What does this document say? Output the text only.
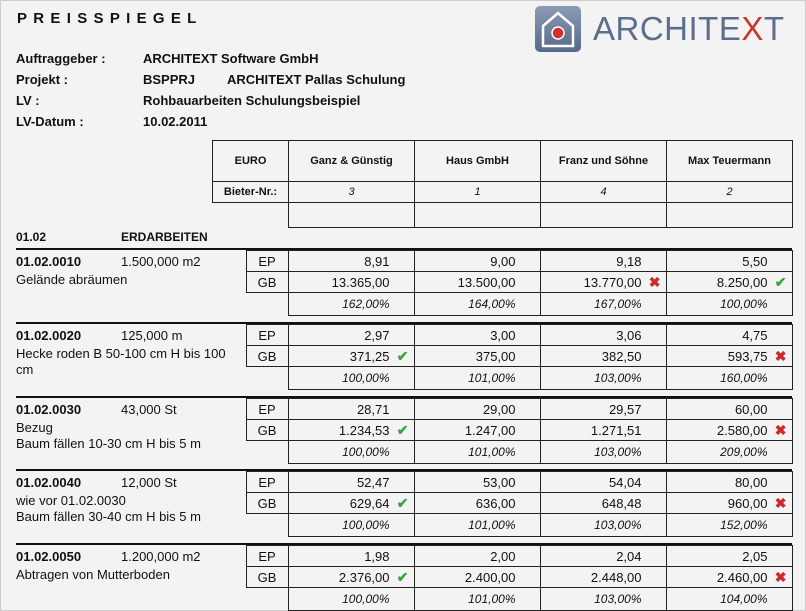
PREISSPIEGEL	ARCHITEXT
Auftraggeber :	ARCHITEXT Software GmbH
Projekt :	BSPPRJ ARCHITEXT Pallas Schulung
LV :	Rohbauarbeiten Schulungsbeispiel
LV-Datum :	10.02.2011
EURO	Ganz & Günstig	Haus GmbH	Franz und Söhne	Max Teuermann
Bieter-Nr.:	3	1	4	2

01.02	ERDARBEITEN
01.02.0010 1.500,000 m2	EP	8,91	9,00	9,18	5,50
Gelände abräumen	GB	13.365,00	13.500,00	13.770,00 ✖	8.250,00 ✔

		162,00%	164,00%	167,00%	100,00%
01.02.0020 125,000 m	EP	2,97	3,00	3,06	4,75
Hecke roden B 50-100 cm H bis 100 cm	GB	371,25 ✔	375,00	382,50	593,75 ✖

		100,00%	101,00%	103,00%	160,00%
01.02.0030 43,000 St	EP	28,71	29,00	29,57	60,00
Bezug
Baum fällen 10-30 cm H bis 5 m	GB	1.234,53 ✔	1.247,00	1.271,51	2.580,00 ✖

		100,00%	101,00%	103,00%	209,00%
01.02.0040 12,000 St	EP	52,47	53,00	54,04	80,00
wie vor 01.02.0030
Baum fällen 30-40 cm H bis 5 m	GB	629,64 ✔	636,00	648,48	960,00 ✖

		100,00%	101,00%	103,00%	152,00%
01.02.0050 1.200,000 m2	EP	1,98	2,00	2,04	2,05
Abtragen von Mutterboden	GB	2.376,00 ✔	2.400,00	2.448,00	2.460,00 ✖

		100,00%	101,00%	103,00%	104,00%
